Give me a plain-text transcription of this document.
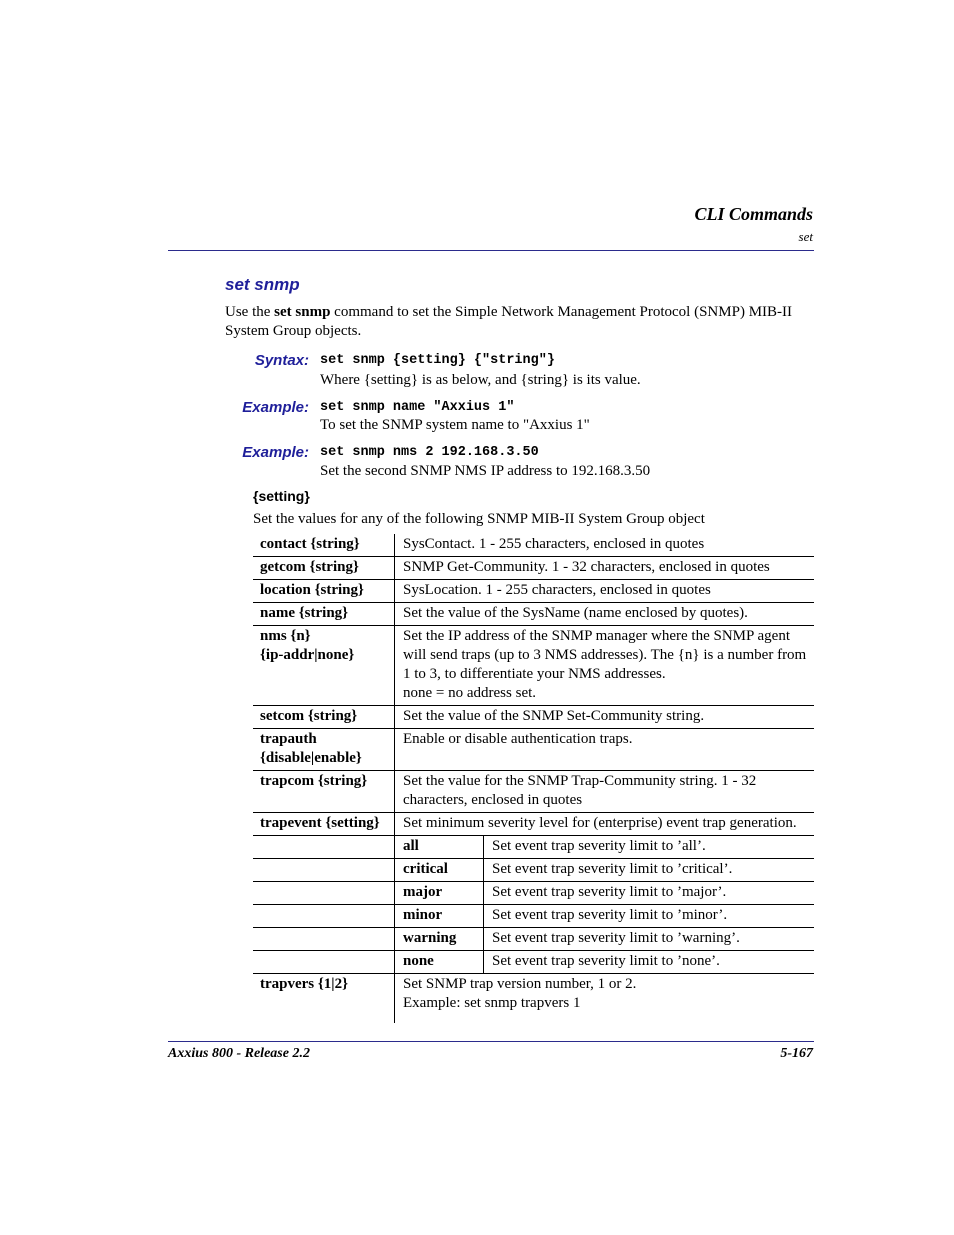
CLI Commands
set
set snmp
Use the set snmp command to set the Simple Network Management Protocol (SNMP) MIB-II System Group objects.
Syntax: set snmp {setting} {"string"}
Where {setting} is as below, and {string} is its value.
Example: set snmp name "Axxius 1"
To set the SNMP system name to "Axxius 1"
Example: set snmp nms 2 192.168.3.50
Set the second SNMP NMS IP address to 192.168.3.50
{setting}
Set the values for any of the following SNMP MIB-II System Group object
contact {string}	SysContact. 1 - 255 characters, enclosed in quotes	
getcom {string}	SNMP Get-Community. 1 - 32 characters, enclosed in quotes	
location {string}	SysLocation. 1 - 255 characters, enclosed in quotes	
name {string}	Set the value of the SysName (name enclosed by quotes).	
nms {n}
{ip-addr|none}	Set the IP address of the SNMP manager where the SNMP agent will send traps (up to 3 NMS addresses). The {n} is a number from 1 to 3, to differentiate your NMS addresses.
none = no address set.	
setcom {string}	Set the value of the SNMP Set-Community string.	
trapauth
{disable|enable}	Enable or disable authentication traps.	
trapcom {string}	Set the value for the SNMP Trap-Community string. 1 - 32 characters, enclosed in quotes	
trapevent {setting}	Set minimum severity level for (enterprise) event trap generation.	
	all	Set event trap severity limit to ’all’.
	critical	Set event trap severity limit to ’critical’.
	major	Set event trap severity limit to ’major’.
	minor	Set event trap severity limit to ’minor’.
	warning	Set event trap severity limit to ’warning’.
	none	Set event trap severity limit to ’none’.
trapvers {1|2}	Set SNMP trap version number, 1 or 2.
Example: set snmp trapvers 1	
Axxius 800 - Release 2.2	5-167
